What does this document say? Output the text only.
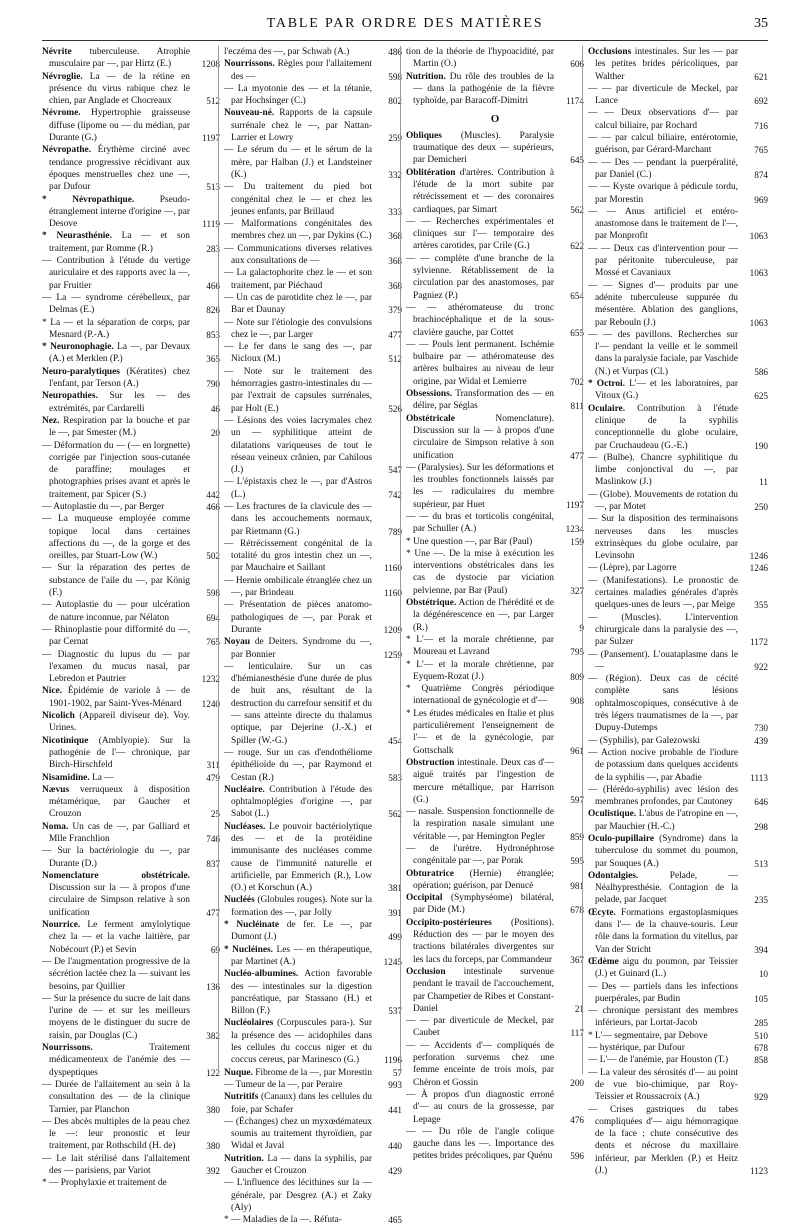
TABLE PAR ORDRE DES MATIÈRES	35

Névrite tuberculeuse. Atrophie musculaire par —, par Hirtz (E.)	1208

Névroglie. La — de la rétine en présence du virus rabique chez le chien, par Anglade et Chocreaux	512

Névrome. Hypertrophie graisseuse diffuse (lipome ou — du médian, par Durante (G.)	1197

Névropathe. Érythème circiné avec tendance progressive récidivant aux époques menstruelles chez une —, par Dufour	513

* Névropathique. Pseudo-étranglement interne d'origine —, par Desove	1119

* Neurasthénie. La — et son traitement, par Romme (R.)	283

— Contribution à l'étude du vertige auriculaire et des rapports avec la —, par Fruitier	466

— La — syndrome cérébelleux, par Delmas (E.)	826

* La — et la séparation de corps, par Mesnard (P.-A.)	853

* Neuronophagie. La —, par Devaux (A.) et Merklen (P.)	365

Neuro-paralytiques (Kératites) chez l'enfant, par Terson (A.)	790

Neuropathies. Sur les — des extrémités, par Cardarelli	46

Nez. Respiration par la bouche et par le —, par Smester (M.)	20

— Déformation du — (— en lorgnette) corrigée par l'injection sous-cutanée de paraffine; moulages et photographies prises avant et après le traitement, par Spicer (S.)	442

— Autoplastie du —, par Berger	466

— La muqueuse employée comme topique local dans certaines affections du —, de la gorge et des oreilles, par Stuart-Low (W.)	502

— Sur la réparation des pertes de substance de l'aile du —, par König (F.)	598

— Autoplastie du — pour ulcération de nature inconnue, par Nélaton	694

— Rhinoplastie pour difformité du —, par Cernat	765

— Diagnostic du lupus du — par l'examen du mucus nasal, par Lebredon et Pautrier	1232

Nice. Épidémie de variole à — de 1901-1902, par Saint-Yves-Ménard 1240

Nicolich (Appareil diviseur de). Voy. Urines.

Nicotinique (Amblyopie). Sur la pathogénie de l'— chronique, par Birch-Hirschfeld	311

Nisamidine. La —	479

Nævus verruqueux à disposition métamérique, par Gaucher et Crouzon	25

Noma. Un cas de —, par Galliard et Mlle Franchlion	746

— Sur la bactériologie du —, par Durante (D.)	837

Nomenclature obstétricale. Discussion sur la — à propos d'une circulaire de Simpson relative à son unification	477

Nourrice. Le ferment amylolytique chez la — et la vache laitière, par Nobécourt (P.) et Sevin	69

— De l'augmentation progressive de la sécrétion lactée chez la — suivant les besoins, par Quillier	136

— Sur la présence du sucre de lait dans l'urine de — et sur les meilleurs moyens de le distinguer du sucre de raisin, par Douglas (C.)	382

Nourrissons. Traitement médicamenteux de l'anémie des — dyspeptiques	122

— Durée de l'allaitement au sein à la consultation des — de la clinique Tarnier, par Planchon	380

— Des abcès multiples de la peau chez le —: leur pronostic et leur traitement, par Rothschild (H. de)	380

— Le lait stérilisé dans l'allaitement des — parisiens, par Variot	392

* — Prophylaxie et traitement de

l'eczéma des —, par Schwab (A.)	486

Nourrissons. Règles pour l'allaitement des —	598

— La myotonie des — et la tétanie, par Hochsinger (C.)	802

Nouveau-né. Rapports de la capsule surrénale chez le —, par Nattan-Larrier et Lowry	259

— Le sérum du — et le sérum de la mère, par Halban (J.) et Landsteiner (K.)	332

— Du traitement du pied bot congénital chez le — et chez les jeunes enfants, par Brillaud	333

— Malformations congénitales des membres chez un —, par Dykins (C.) 368

— Communications diverses relatives aux consultations de —	368

— La galactophorite chez le — et son traitement, par Piéchaud	368

— Un cas de parotidite chez le —, par Bar et Daunay	379

— Note sur l'étiologie des convulsions chez le —, par Larger	477

— Le fer dans le sang des —, par Nicloux (M.)	512

— Note sur le traitement des hémorragies gastro-intestinales du — par l'extrait de capsules surrénales, par Holt (E.)	526

— Lésions des voies lacrymales chez un — syphilitique atteint de dilatations variqueuses de tout le réseau veineux crânien, par Cahilous (J.)	547

— L'épistaxis chez le —, par d'Astros (L.)	742

— Les fractures de la clavicule des — dans les accouchements normaux, par Rietmann (G.)	789

— Rétrécissement congénital de la totalité du gros intestin chez un —, par Mauchaire et Saillant	1160

— Hernie ombilicale étranglée chez un —, par Brindeau	1160

— Présentation de pièces anatomo-pathologiques de —, par Porak et Durante	1209

Noyau de Deiters. Syndrome du —, par Bonnier	1259

— lenticulaire. Sur un cas d'hémianesthésie d'une durée de plus de huit ans, résultant de la destruction du carrefour sensitif et du — sans atteinte directe du thalamus optique, par Dejerine (J.-X.) et Spiller (W.-G.)	454

— rouge. Sur un cas d'endothéliome épithélioïde du —, par Raymond et Cestan (R.)	583

Nucléaire. Contribution à l'étude des ophtalmoplégies d'origine —, par Sabot (L.)	562

Nucléases. Le pouvoir bactériolytique des — et de la protéidine immunisante des nucléases comme cause de l'immunité naturelle et artificielle, par Emmerich (R.), Low (O.) et Korschun (A.)	381

Nucléés (Globules rouges). Note sur la formation des —, par Jolly	391

* Nucléinate de fer. Le —, par Dumont (J.)	499

* Nucléines. Les — en thérapeutique, par Martinet (A.)	1245

Nucléo-albumines. Action favorable des — intestinales sur la digestion pancréatique, par Stassano (H.) et Billon (F.)	537

Nucléolaires (Corpuscules para-). Sur la présence des — acidophiles dans les cellules du coccus niger et du coccus cereus, par Marinesco (G.)	1196

Nuque. Fibrome de la —, par Morestin 57

— Tumeur de la —, par Peraire	993

Nutritifs (Canaux) dans les cellules du foie, par Schafer	441

— (Échanges) chez un myxœdémateux soumis au traitement thyroïdien, par Widal et Javal	440

Nutrition. La — dans la syphilis, par Gaucher et Crouzon	429

— L'influence des lécithines sur la — générale, par Desgrez (A.) et Zaky (Aly)

* — Maladies de la —. Réfuta-	465

tion de la théorie de l'hypoacidité, par Martin (O.)	606

Nutrition. Du rôle des troubles de la — dans la pathogénie de la fièvre typhoïde, par Baracoff-Dimitri	1174

O

Obliques (Muscles). Paralysie traumatique des deux — supérieurs, par Demicheri	645

Oblitération d'artères. Contribution à l'étude de la mort subite par rétrécissement et — des coronaires cardiaques, par Simart	562

— — Recherches expérimentales et cliniques sur l'— temporaire des artères carotides, par Crile (G.)	622

— — complète d'une branche de la sylvienne. Rétablissement de la circulation par des anastomoses, par Pagniez (P.)	654

— — athéromateuse du tronc brachiocéphalique et de la sous-clavière gauche, par Cottet	655

— — Pouls lent permanent. Ischémie bulbaire par — athéromateuse des artères bulbaires au niveau de leur origine, par Widal et Lemierre	702

Obsessions. Transformation des — en délire, par Séglas	811

Obstétricale Nomenclature). Discussion sur la — à propos d'une circulaire de Simpson relative à son unification	477

— (Paralysies). Sur les déformations et les troubles fonctionnels laissés par les — radiculaires du membre supérieur, par Huet	1197

— — du bras et torticolis congénital, par Schuller (A.)	1234

* Une question —, par Bar (Paul)	159

* Une —. De la mise à exécution les interventions obstétricales dans les cas de dystocie par viciation pelvienne, par Bar (Paul)	327

Obstétrique. Action de l'hérédité et de la dégénérescence en —, par Larger (R.)	9

* L'— et la morale chrétienne, par Moureau et Lavrand	795

* L'— et la morale chrétienne, par Eyquem-Rozat (J.)	809

* Quatrième Congrès périodique international de gynécologie et d'—	908

* Les études médicales en Italie et plus particulièrement l'enseignement de l'— et de la gynécologie, par Gottschalk	961

Obstruction intestinale. Deux cas d'— aiguë traités par l'ingestion de mercure métallique, par Harrison (G.)	597

— nasale. Suspension fonctionnelle de la respiration nasale simulant une véritable —, par Hemington Pegler	859

— de l'urètre. Hydronéphrose congénitale par —, par Porak	595

Obturatrice (Hernie) étranglée; opération; guérison, par Denucé	981

Occipital (Symphyséome) bilatéral, par Dide (M.)	678

Occipito-postérieures (Positions). Réduction des — par le moyen des tractions bilatérales divergentes sur les lacs du forceps, par Commandeur 367

Occlusion intestinale survenue pendant le travail de l'accouchement, par Champetier de Ribes et Constant-Daniel	21

— — par diverticule de Meckel, par Caubet	117

— — Accidents d'— compliqués de perforation survenus chez une femme enceinte de trois mois, par Chéron et Gossin	200

— À propos d'un diagnostic erroné d'— au cours de la grossesse, par Lepage	476

— — Du rôle de l'angle colique gauche dans les —. Importance des petites brides précoliques, par Quénu 596

Occlusions intestinales. Sur les — par les petites brides péricoliques, par Walther	621

— — par diverticule de Meckel, par Lance	692

— — Deux observations d'— par calcul biliaire, par Rochard	716

— — par calcul biliaire, entérotomie, guérison, par Gérard-Marchant	765

— — Des — pendant la puerpéralité, par Daniel (C.)	874

— — Kyste ovarique à pédicule tordu, par Morestin	969

— — Anus artificiel et entéro-anastomose dans le traitement de l'—, par Monprofit	1063

— — Deux cas d'intervention pour — par péritonite tuberculeuse, par Mossé et Cavaniaux	1063

— — Signes d'— produits par une adénite tuberculeuse suppurée du mésentère. Ablation des ganglions, par Rebouln (J.)	1063

— — des pavillons. Recherches sur l'— pendant la veille et le sommeil dans la paralysie faciale, par Vaschide (N.) et Vurpas (Cl.)	586

* Octroi. L'— et les laboratoires, par Vitoux (G.)	625

Oculaire. Contribution à l'étude clinique de la syphilis conceptionnelle du globe oculaire, par Cruchaudeau (G.-E.)	190

— (Bulbe). Chancre syphilitique du limbe conjonctival du —, par Maslinkow (J.)	11

— (Globe). Mouvements de rotation du —, par Motet	250

— Sur la disposition des terminaisons nerveuses dans les muscles extrinsèques du globe oculaire, par Levinsohn	1246

— (Lèpre), par Lagorre	1246

— (Manifestations). Le pronostic de certaines maladies générales d'après quelques-unes de leurs —, par Meige 355

— (Muscles). L'intervention chirurgicale dans la paralysie des —, par Sulzer	1172

— (Pansement). L'ouataplasme dans le —	922

— (Région). Deux cas de cécité complète sans lésions ophtalmoscopiques, consécutive à de très légers traumatismes de la —, par Dupuy-Dutemps	730

— (Syphilis), par Galezowski	439

— Action nocive probable de l'iodure de potassium dans quelques accidents de la syphilis —, par Abadie	1113

— (Hérédo-syphilis) avec lésion des membranes profondes, par Cautoney 646

Oculistique. L'abus de l'atropine en —, par Mauchier (H.-C.)	298

Oculo-pupillaire (Syndrome) dans la tuberculose du sommet du poumon, par Souques (A.)	513

Odontalgies. Pelade, — Néalhypresthésie. Contagion de la pelade, par Jacquet	235

Œcyte. Formations ergastoplasmiques dans l'— de la chauve-souris. Leur rôle dans la formation du vitellus, par Van der Stricht	394

Œdème aigu du poumon, par Teissier (J.) et Guinard (L.)	10

— Des — partiels dans les infections puerpérales, par Budin	105

— chronique persistant des membres inférieurs, par Lortat-Jacob	285

* L'— segmentaire, par Debove	510

— hystérique, par Dufour	678

— L'— de l'anémie, par Houston (T.)	858

— La valeur des sérosités d'— au point de vue bio-chimique, par Roy-Teissier et Roussacroix (A.)	929

— Crises gastriques du tabes compliquées d'— aigu hémorragique de la face ; chute consécutive des dents et nécrose du maxillaire inférieur, par Merklen (P.) et Heitz (J.)	1123
